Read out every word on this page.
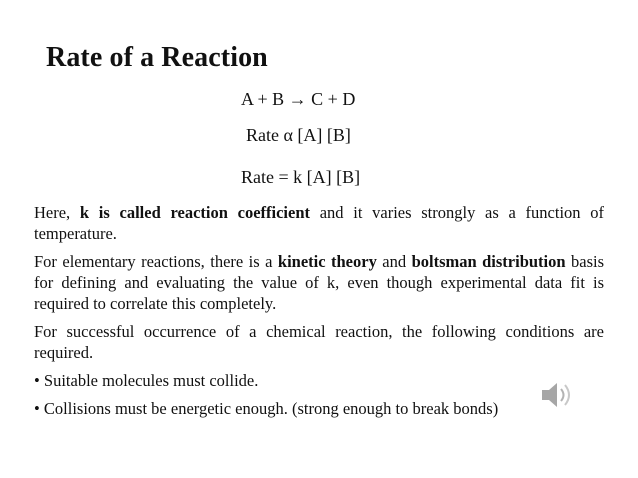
Rate of a Reaction
A + B → C + D
Rate α [A] [B]
Rate = k [A] [B]

Here, k is called reaction coefficient and it varies strongly as a function of temperature.

For elementary reactions, there is a kinetic theory and boltsman distribution basis for defining and evaluating the value of k, even though experimental data fit is required to correlate this completely.

For successful occurrence of a chemical reaction, the following conditions are required.

• Suitable molecules must collide.
• Collisions must be energetic enough. (strong enough to break bonds)
